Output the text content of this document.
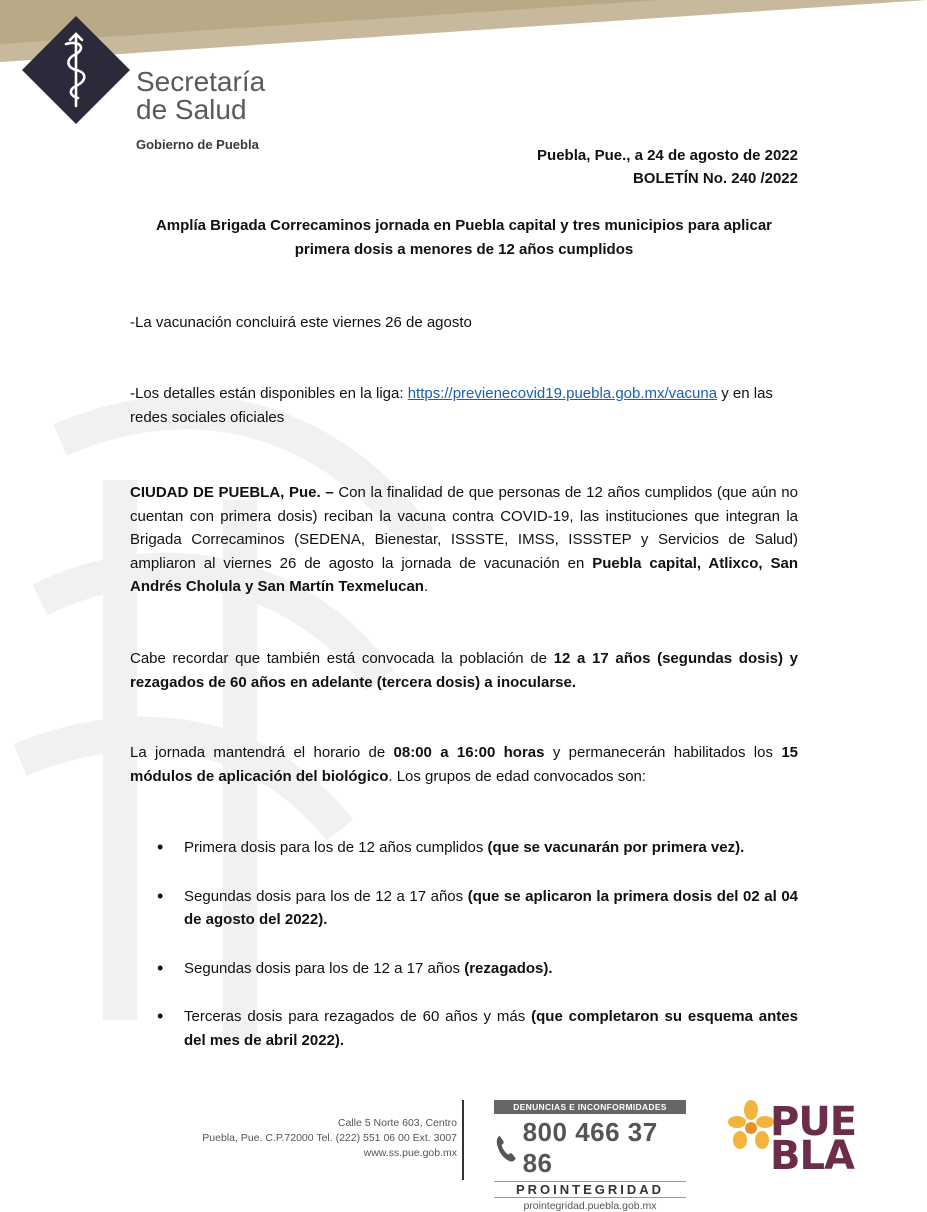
Secretaría
de Salud
Gobierno de Puebla
Puebla, Pue., a 24 de agosto de 2022
BOLETÍN No. 240 /2022
Amplía Brigada Correcaminos jornada en Puebla capital y tres municipios para aplicar
primera dosis a menores de 12 años cumplidos
-La vacunación concluirá este viernes 26 de agosto
-Los detalles están disponibles en la liga: https://previenecovid19.puebla.gob.mx/vacuna y en las redes sociales oficiales
CIUDAD DE PUEBLA, Pue. – Con la finalidad de que personas de 12 años cumplidos (que aún no cuentan con primera dosis) reciban la vacuna contra COVID-19, las instituciones que integran la Brigada Correcaminos (SEDENA, Bienestar, ISSSTE, IMSS, ISSSTEP y Servicios de Salud) ampliaron al viernes 26 de agosto la jornada de vacunación en Puebla capital, Atlixco, San Andrés Cholula y San Martín Texmelucan.
Cabe recordar que también está convocada la población de 12 a 17 años (segundas dosis) y rezagados de 60 años en adelante (tercera dosis) a inocularse.
La jornada mantendrá el horario de 08:00 a 16:00 horas y permanecerán habilitados los 15 módulos de aplicación del biológico. Los grupos de edad convocados son:
• Primera dosis para los de 12 años cumplidos (que se vacunarán por primera vez).
• Segundas dosis para los de 12 a 17 años (que se aplicaron la primera dosis del 02 al 04 de agosto del 2022).
• Segundas dosis para los de 12 a 17 años (rezagados).
• Terceras dosis para rezagados de 60 años y más (que completaron su esquema antes del mes de abril 2022).
Calle 5 Norte 603, Centro
Puebla, Pue. C.P.72000 Tel. (222) 551 06 00 Ext. 3007
www.ss.pue.gob.mx
DENUNCIAS E INCONFORMIDADES
800 466 37 86
PROINTEGRIDAD
prointegridad.puebla.gob.mx
PUE
BLA
